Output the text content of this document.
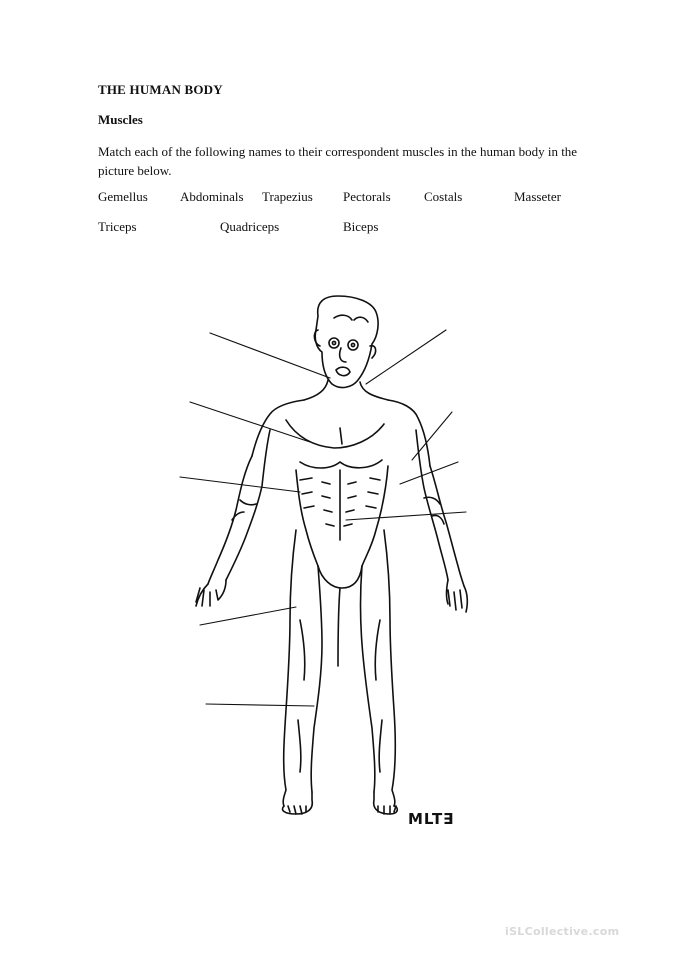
THE HUMAN BODY
Muscles
Match each of the following names to their correspondent muscles in the human body in the picture below.
Gemellus Abdominals Trapezius Pectorals	Costals	Masseter
Triceps	Quadriceps	Biceps
MLT∃
iSLCollective.com
